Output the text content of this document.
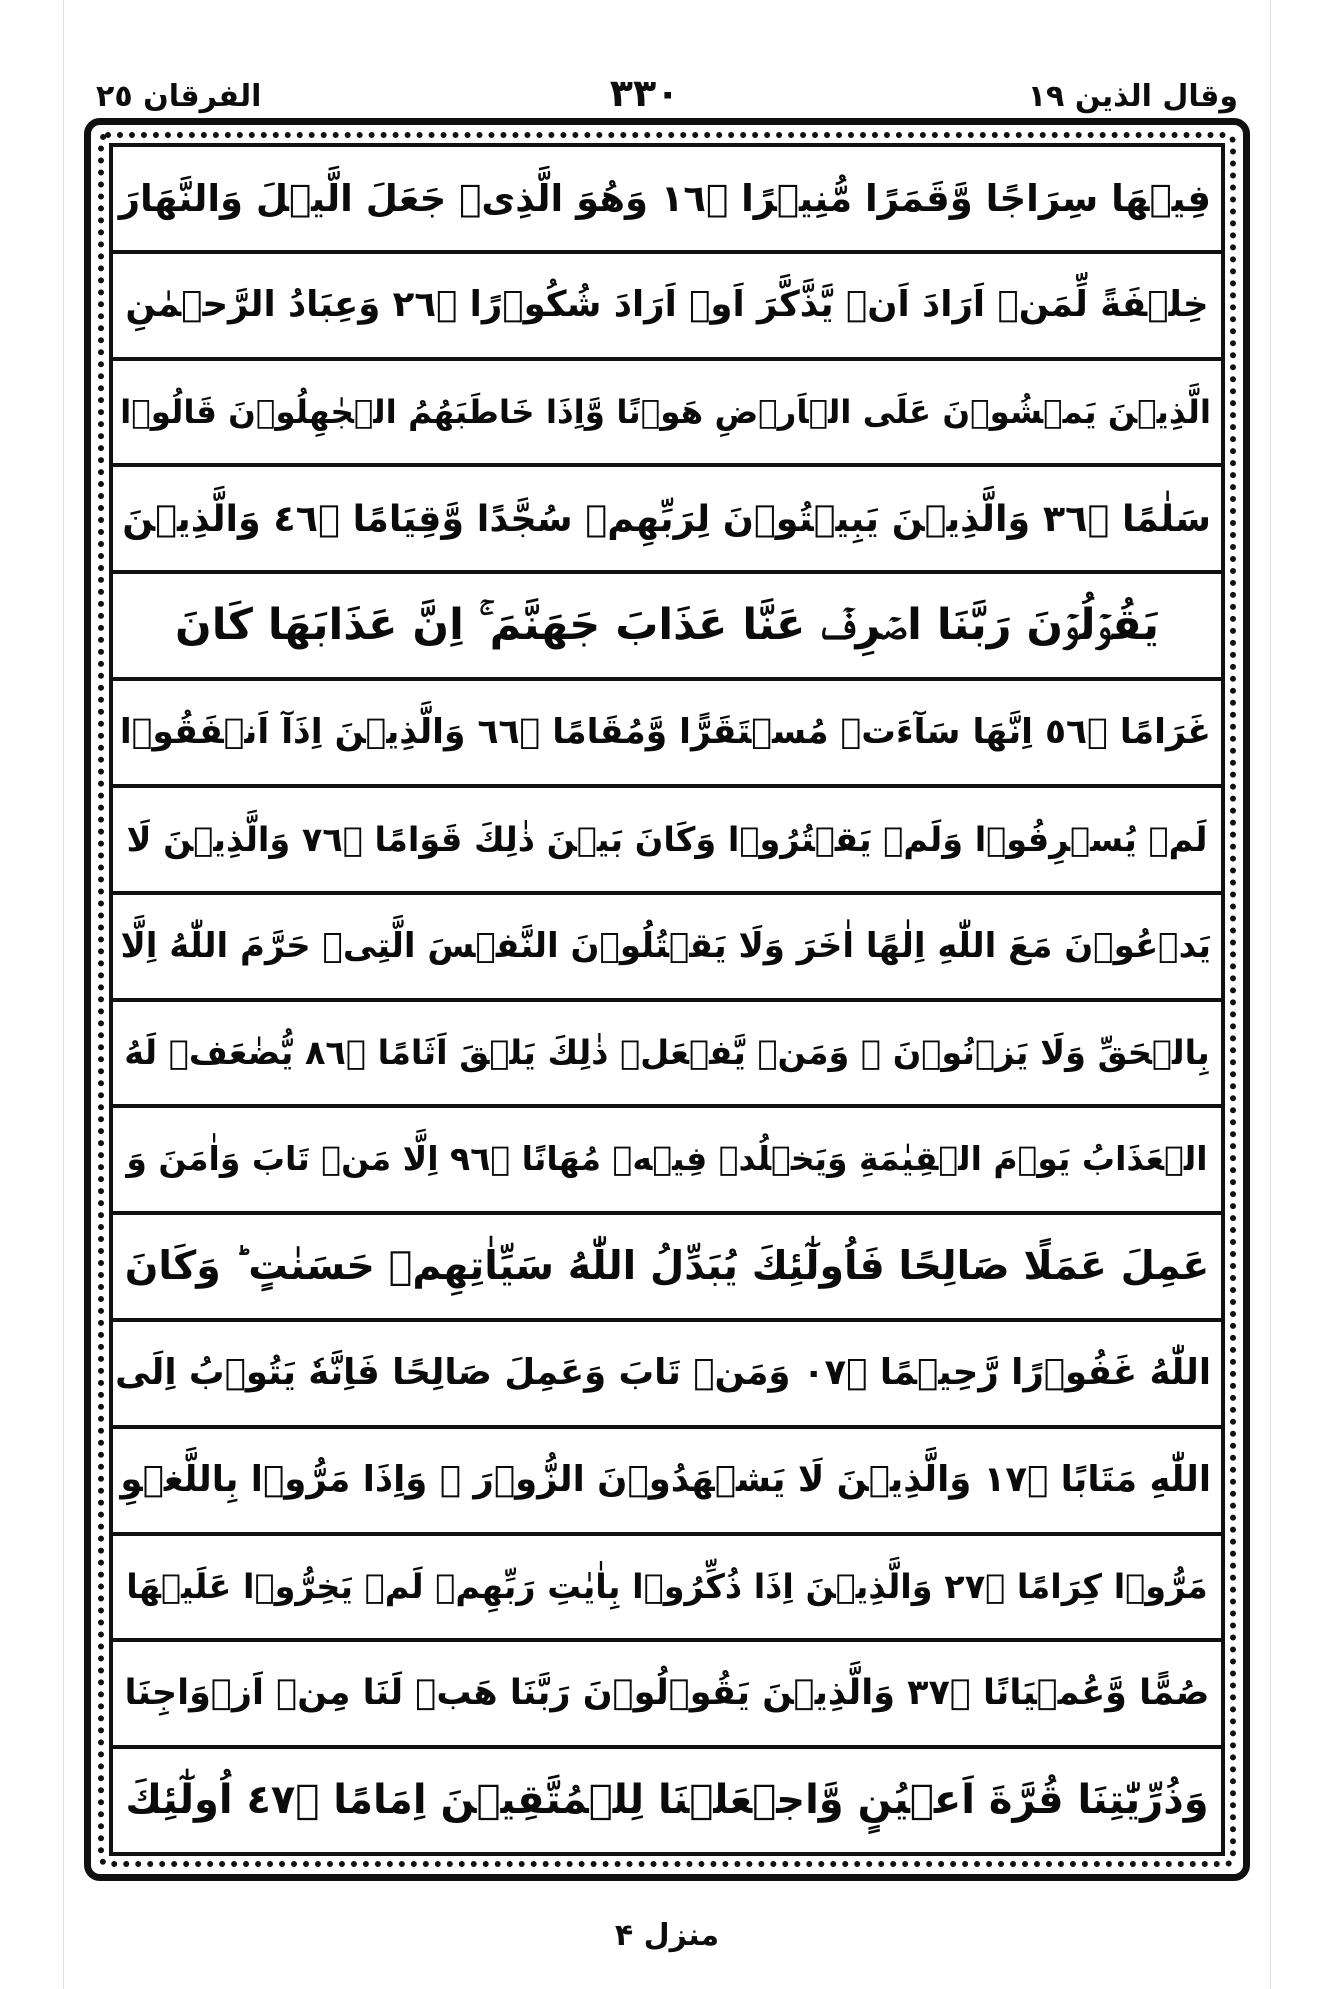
وقال الذين ١٩
٣٣٠
الفرقان ٢٥
فِيۡهَا سِرَاجًا وَّقَمَرًا مُّنِيۡرًا ۝٦١ وَهُوَ الَّذِىۡ جَعَلَ الَّيۡلَ وَالنَّهَارَ
خِلۡفَةً لِّمَنۡ اَرَادَ اَنۡ يَّذَّكَّرَ اَوۡ اَرَادَ شُكُوۡرًا ۝٦٢ وَعِبَادُ الرَّحۡمٰنِ
الَّذِيۡنَ يَمۡشُوۡنَ عَلَى الۡاَرۡضِ هَوۡنًا وَّاِذَا خَاطَبَهُمُ الۡجٰهِلُوۡنَ قَالُوۡا
سَلٰمًا ۝٦٣ وَالَّذِيۡنَ يَبِيۡتُوۡنَ لِرَبِّهِمۡ سُجَّدًا وَّقِيَامًا ۝٦٤ وَالَّذِيۡنَ
يَقُوۡلُوۡنَ رَبَّنَا اصۡرِفۡ عَنَّا عَذَابَ جَهَنَّمَ ۚ اِنَّ عَذَابَهَا كَانَ
غَرَامًا ۝٦٥ اِنَّهَا سَآءَتۡ مُسۡتَقَرًّا وَّمُقَامًا ۝٦٦ وَالَّذِيۡنَ اِذَآ اَنۡفَقُوۡا
لَمۡ يُسۡرِفُوۡا وَلَمۡ يَقۡتُرُوۡا وَكَانَ بَيۡنَ ذٰلِكَ قَوَامًا ۝٦٧ وَالَّذِيۡنَ لَا
يَدۡعُوۡنَ مَعَ اللّٰهِ اِلٰهًا اٰخَرَ وَلَا يَقۡتُلُوۡنَ النَّفۡسَ الَّتِىۡ حَرَّمَ اللّٰهُ اِلَّا
بِالۡحَقِّ وَلَا يَزۡنُوۡنَ ۚ وَمَنۡ يَّفۡعَلۡ ذٰلِكَ يَلۡقَ اَثَامًا ۝٦٨ يُّضٰعَفۡ لَهُ
الۡعَذَابُ يَوۡمَ الۡقِيٰمَةِ وَيَخۡلُدۡ فِيۡهٖ مُهَانًا ۝٦٩ اِلَّا مَنۡ تَابَ وَاٰمَنَ وَ
عَمِلَ عَمَلًا صَالِحًا فَاُولٰٓئِكَ يُبَدِّلُ اللّٰهُ سَيِّاٰتِهِمۡ حَسَنٰتٍ ؕ وَكَانَ
اللّٰهُ غَفُوۡرًا رَّحِيۡمًا ۝٧٠ وَمَنۡ تَابَ وَعَمِلَ صَالِحًا فَاِنَّهٗ يَتُوۡبُ اِلَى
اللّٰهِ مَتَابًا ۝٧١ وَالَّذِيۡنَ لَا يَشۡهَدُوۡنَ الزُّوۡرَ ۙ وَاِذَا مَرُّوۡا بِاللَّغۡوِ
مَرُّوۡا كِرَامًا ۝٧٢ وَالَّذِيۡنَ اِذَا ذُكِّرُوۡا بِاٰيٰتِ رَبِّهِمۡ لَمۡ يَخِرُّوۡا عَلَيۡهَا
صُمًّا وَّعُمۡيَانًا ۝٧٣ وَالَّذِيۡنَ يَقُوۡلُوۡنَ رَبَّنَا هَبۡ لَنَا مِنۡ اَزۡوَاجِنَا
وَذُرِّيّٰتِنَا قُرَّةَ اَعۡيُنٍ وَّاجۡعَلۡنَا لِلۡمُتَّقِيۡنَ اِمَامًا ۝٧٤ اُولٰٓئِكَ
منزل ۴
